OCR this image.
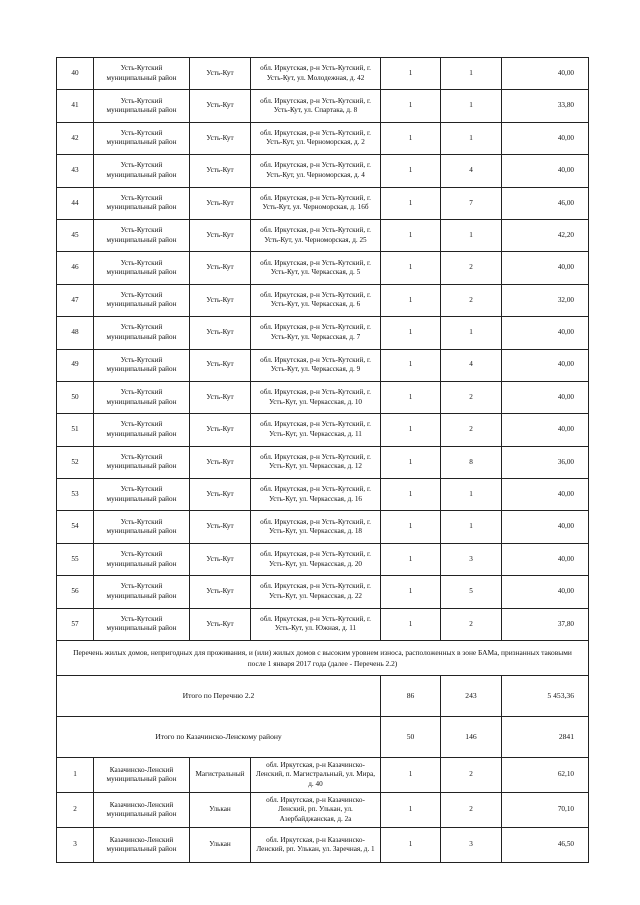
40	Усть-Кутский муниципальный район	Усть-Кут	обл. Иркутская, р-н Усть-Кутский, г. Усть-Кут, ул. Молодежная, д. 42	1	1	40,00
41	Усть-Кутский муниципальный район	Усть-Кут	обл. Иркутская, р-н Усть-Кутский, г. Усть-Кут, ул. Спартака, д. 8	1	1	33,80
42	Усть-Кутский муниципальный район	Усть-Кут	обл. Иркутская, р-н Усть-Кутский, г. Усть-Кут, ул. Черноморская, д. 2	1	1	40,00
43	Усть-Кутский муниципальный район	Усть-Кут	обл. Иркутская, р-н Усть-Кутский, г. Усть-Кут, ул. Черноморская, д. 4	1	4	40,00
44	Усть-Кутский муниципальный район	Усть-Кут	обл. Иркутская, р-н Усть-Кутский, г. Усть-Кут, ул. Черноморская, д. 16б	1	7	46,00
45	Усть-Кутский муниципальный район	Усть-Кут	обл. Иркутская, р-н Усть-Кутский, г. Усть-Кут, ул. Черноморская, д. 25	1	1	42,20
46	Усть-Кутский муниципальный район	Усть-Кут	обл. Иркутская, р-н Усть-Кутский, г. Усть-Кут, ул. Черкасская, д. 5	1	2	40,00
47	Усть-Кутский муниципальный район	Усть-Кут	обл. Иркутская, р-н Усть-Кутский, г. Усть-Кут, ул. Черкасская, д. 6	1	2	32,00
48	Усть-Кутский муниципальный район	Усть-Кут	обл. Иркутская, р-н Усть-Кутский, г. Усть-Кут, ул. Черкасская, д. 7	1	1	40,00
49	Усть-Кутский муниципальный район	Усть-Кут	обл. Иркутская, р-н Усть-Кутский, г. Усть-Кут, ул. Черкасская, д. 9	1	4	40,00
50	Усть-Кутский муниципальный район	Усть-Кут	обл. Иркутская, р-н Усть-Кутский, г. Усть-Кут, ул. Черкасская, д. 10	1	2	40,00
51	Усть-Кутский муниципальный район	Усть-Кут	обл. Иркутская, р-н Усть-Кутский, г. Усть-Кут, ул. Черкасская, д. 11	1	2	40,00
52	Усть-Кутский муниципальный район	Усть-Кут	обл. Иркутская, р-н Усть-Кутский, г. Усть-Кут, ул. Черкасская, д. 12	1	8	36,00
53	Усть-Кутский муниципальный район	Усть-Кут	обл. Иркутская, р-н Усть-Кутский, г. Усть-Кут, ул. Черкасская, д. 16	1	1	40,00
54	Усть-Кутский муниципальный район	Усть-Кут	обл. Иркутская, р-н Усть-Кутский, г. Усть-Кут, ул. Черкасская, д. 18	1	1	40,00
55	Усть-Кутский муниципальный район	Усть-Кут	обл. Иркутская, р-н Усть-Кутский, г. Усть-Кут, ул. Черкасская, д. 20	1	3	40,00
56	Усть-Кутский муниципальный район	Усть-Кут	обл. Иркутская, р-н Усть-Кутский, г. Усть-Кут, ул. Черкасская, д. 22	1	5	40,00
57	Усть-Кутский муниципальный район	Усть-Кут	обл. Иркутская, р-н Усть-Кутский, г. Усть-Кут, ул. Южная, д. 11	1	2	37,80
Перечень жилых домов, непригодных для проживания, и (или) жилых домов с высоким уровнем износа, расположенных в зоне БАМа, признанных таковыми после 1 января 2017 года (далее - Перечень 2.2)						
Итого по Перечню 2.2				86	243	5 453,36
Итого по Казачинско-Ленскому району				50	146	2841
1	Казачинско-Ленский муниципальный район	Магистральный	обл. Иркутская, р-н Казачинско-Ленский, п. Магистральный, ул. Мира, д. 40	1	2	62,10
2	Казачинско-Ленский муниципальный район	Улькан	обл. Иркутская, р-н Казачинско-Ленский, рп. Улькан, ул. Азербайджанская, д. 2а	1	2	70,10
3	Казачинско-Ленский муниципальный район	Улькан	обл. Иркутская, р-н Казачинско-Ленский, рп. Улькан, ул. Заречная, д. 1	1	3	46,50
